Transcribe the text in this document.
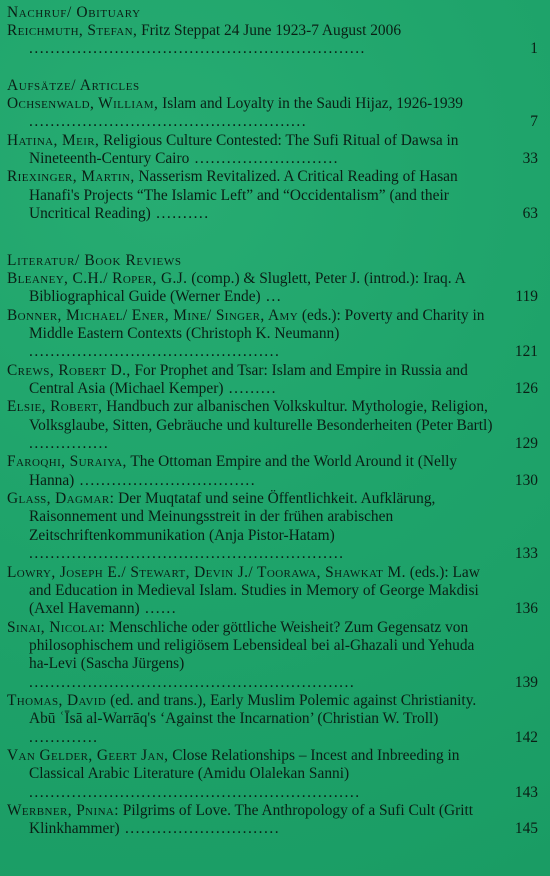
Nachruf/ Obituary
Reichmuth, Stefan, Fritz Steppat 24 June 1923-7 August 2006 ...............................................................	1
Aufsätze/ Articles
Ochsenwald, William, Islam and Loyalty in the Saudi Hijaz, 1926-1939 ....................................................	7
Hatina, Meir, Religious Culture Contested: The Sufi Ritual of Dawsa in Nineteenth-Century Cairo ...........................	33
Riexinger, Martin, Nasserism Revitalized. A Critical Reading of Hasan Hanafi's Projects “The Islamic Left” and “Occidentalism” (and their Uncritical Reading) ..........	63
Literatur/ Book Reviews
Bleaney, C.H./ Roper, G.J. (comp.) & Sluglett, Peter J. (introd.): Iraq. A Bibliographical Guide (Werner Ende) ...	119
Bonner, Michael/ Ener, Mine/ Singer, Amy (eds.): Poverty and Charity in Middle Eastern Contexts (Christoph K. Neumann) ...............................................	121
Crews, Robert D., For Prophet and Tsar: Islam and Empire in Russia and Central Asia (Michael Kemper) .........	126
Elsie, Robert, Handbuch zur albanischen Volkskultur. Mythologie, Religion, Volksglaube, Sitten, Gebräuche und kulturelle Besonderheiten (Peter Bartl) ...............	129
Faroqhi, Suraiya, The Ottoman Empire and the World Around it (Nelly Hanna) .................................	130
Glaß, Dagmar: Der Muqtataf und seine Öffentlichkeit. Aufklärung, Raisonnement und Meinungsstreit in der frühen arabischen Zeitschriftenkommunikation (Anja Pistor-Hatam) ...........................................................	133
Lowry, Joseph E./ Stewart, Devin J./ Toorawa, Shawkat M. (eds.): Law and Education in Medieval Islam. Studies in Memory of George Makdisi (Axel Havemann) ......	136
Sinai, Nicolai: Menschliche oder göttliche Weisheit? Zum Gegensatz von philosophischem und religiösem Lebensideal bei al-Ghazali und Yehuda ha-Levi (Sascha Jürgens) .............................................................	139
Thomas, David (ed. and trans.), Early Muslim Polemic against Christianity. Abū ʿĪsā al-Warrāq's ‘Against the Incarnation’ (Christian W. Troll) .............	142
Van Gelder, Geert Jan, Close Relationships – Incest and Inbreeding in Classical Arabic Literature (Amidu Olalekan Sanni) ..............................................................	143
Werbner, Pnina: Pilgrims of Love. The Anthropology of a Sufi Cult (Gritt Klinkhammer) .............................	145
